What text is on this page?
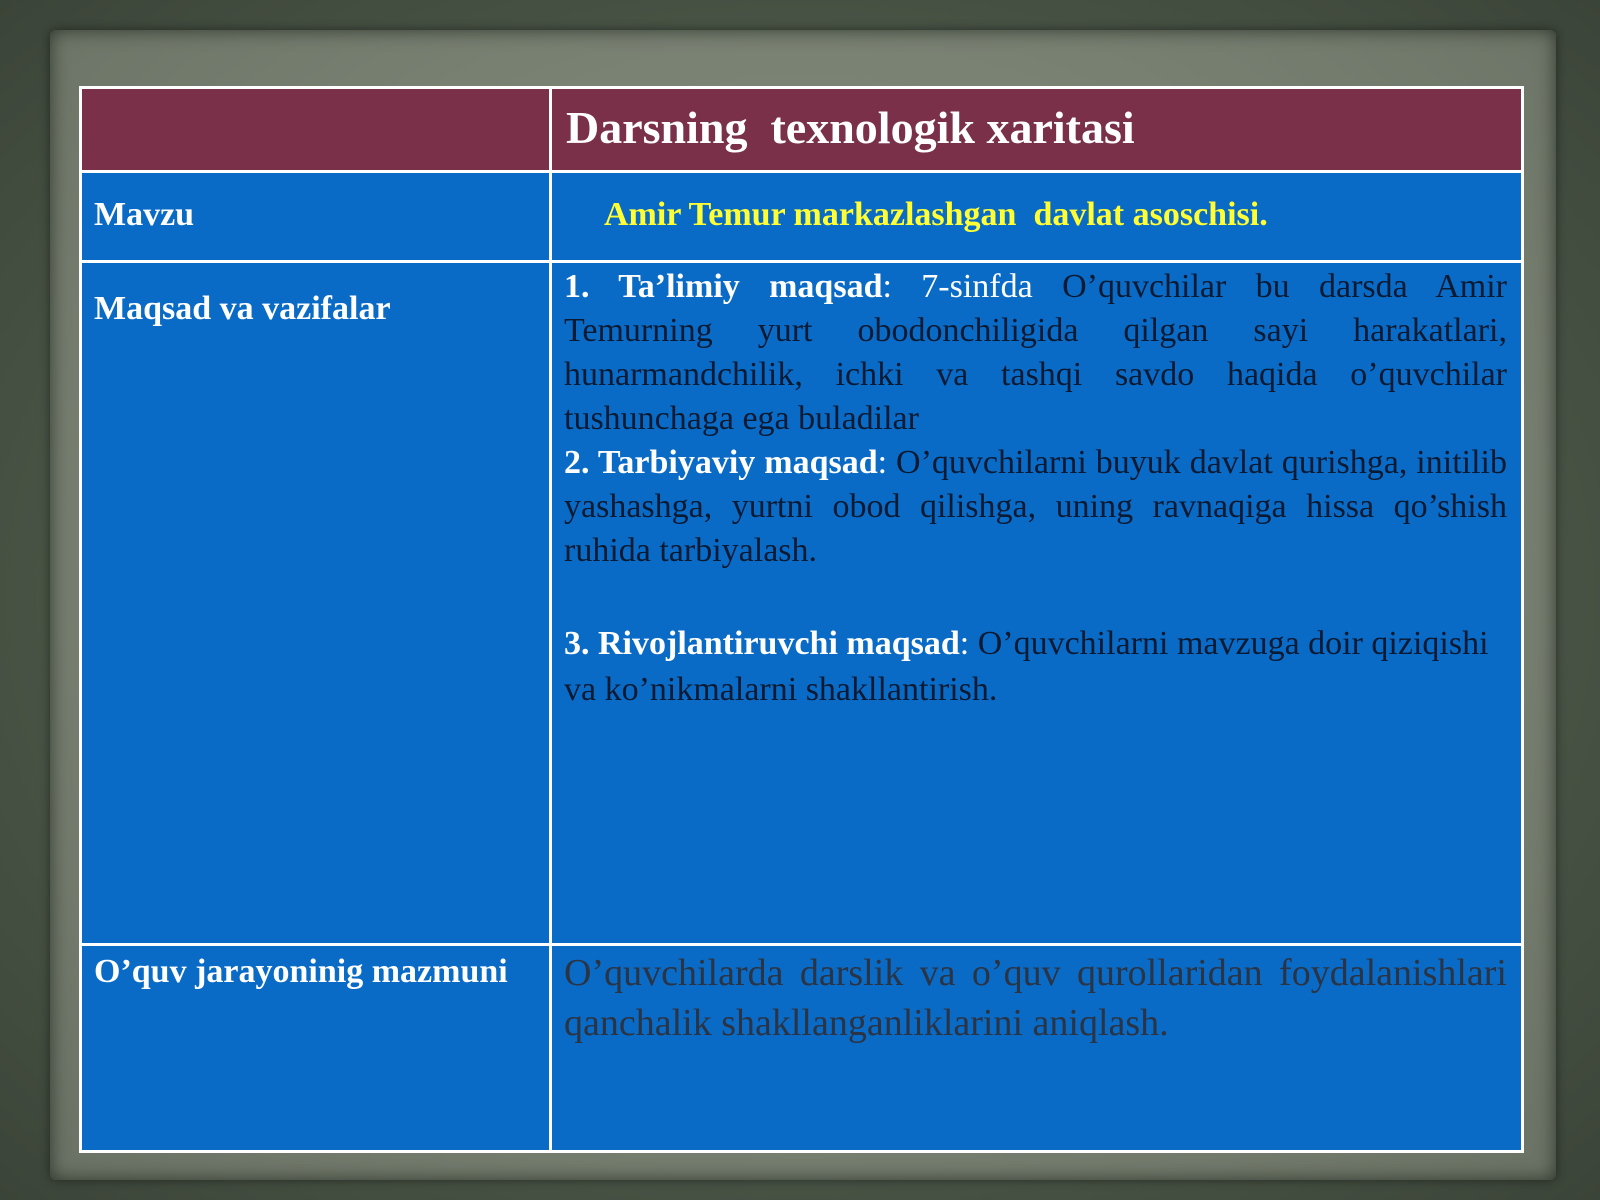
	Darsning  texnologik xaritasi

Mavzu	Amir Temur markazlashgan  davlat asoschisi.

Maqsad va vazifalar	1. Ta’limiy maqsad: 7-sinfda O’quvchilar bu darsda Amir Temurning yurt obodonchiligida qilgan sayi harakatlari, hunarmandchilik, ichki va tashqi savdo haqida o’quvchilar tushunchaga ega buladilar

2. Tarbiyaviy maqsad: O’quvchilarni buyuk davlat qurishga, initilib yashashga, yurtni obod qilishga, uning ravnaqiga hissa qo’shish ruhida tarbiyalash.

3. Rivojlantiruvchi maqsad: O’quvchilarni mavzuga doir qiziqishi va ko’nikmalarni shakllantirish.

O’quv jarayoninig mazmuni	O’quvchilarda darslik va o’quv qurollaridan foydalanishlari qanchalik shakllanganliklarini aniqlash.
